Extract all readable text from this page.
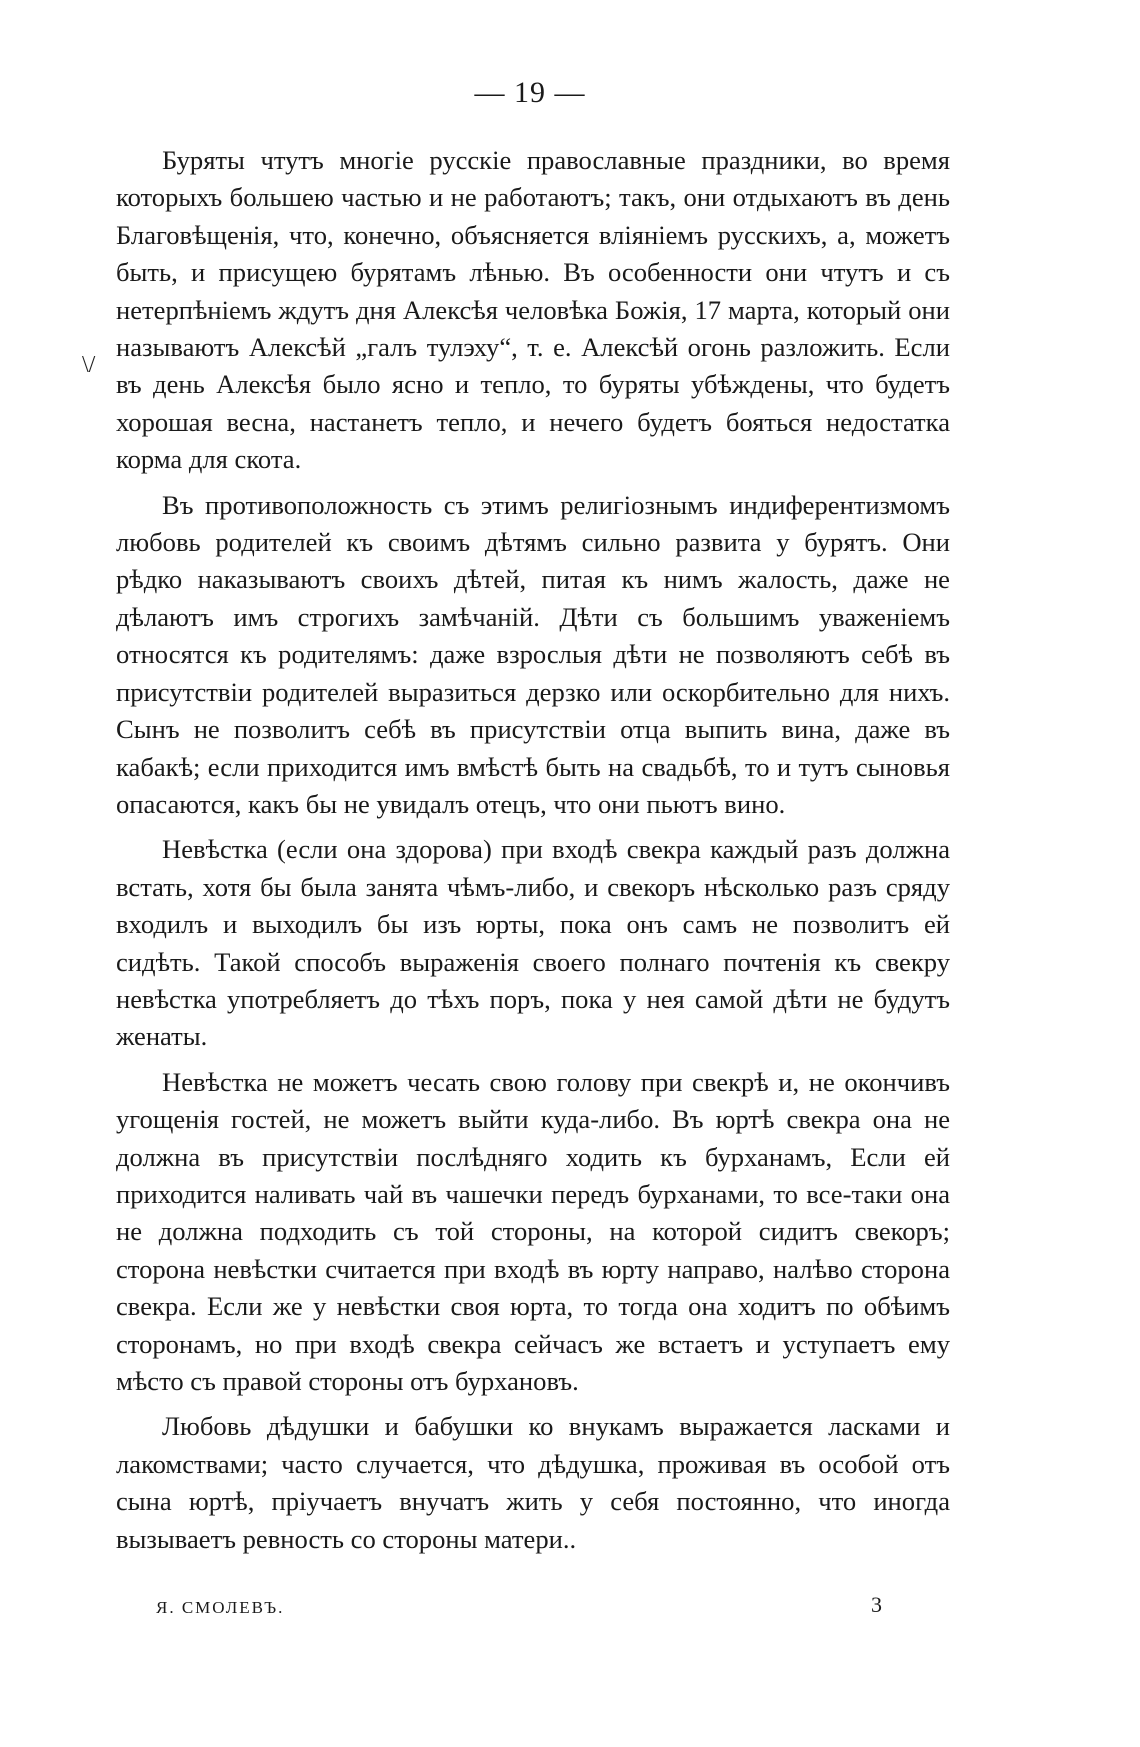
— 19 —
\/

Буряты чтутъ многіе русскіе православные праздники, во время которыхъ большею частью и не работаютъ; такъ, они отдыхаютъ въ день Благовѣщенія, что, конечно, объясняется вліяніемъ русскихъ, а, можетъ быть, и присущею бурятамъ лѣнью. Въ особенности они чтутъ и съ нетерпѣніемъ ждутъ дня Алексѣя человѣка Божія, 17 марта, который они называютъ Алексѣй „галъ тулэху“, т. е. Алексѣй огонь разложить. Если въ день Алексѣя было ясно и тепло, то буряты убѣждены, что будетъ хорошая весна, настанетъ тепло, и нечего будетъ бояться недостатка корма для скота.

Въ противоположность съ этимъ религіознымъ индиферентизмомъ любовь родителей къ своимъ дѣтямъ сильно развита у бурятъ. Они рѣдко наказываютъ своихъ дѣтей, питая къ нимъ жалость, даже не дѣлаютъ имъ строгихъ замѣчаній. Дѣти съ большимъ уваженіемъ относятся къ родителямъ: даже взрослыя дѣти не позволяютъ себѣ въ присутствіи родителей выразиться дерзко или оскорбительно для нихъ. Сынъ не позволитъ себѣ въ присутствіи отца выпить вина, даже въ кабакѣ; если приходится имъ вмѣстѣ быть на свадьбѣ, то и тутъ сыновья опасаются, какъ бы не увидалъ отецъ, что они пьютъ вино.

Невѣстка (если она здорова) при входѣ свекра каждый разъ должна встать, хотя бы была занята чѣмъ-либо, и свекоръ нѣсколько разъ сряду входилъ и выходилъ бы изъ юрты, пока онъ самъ не позволитъ ей сидѣть. Такой способъ выраженія своего полнаго почтенія къ свекру невѣстка употребляетъ до тѣхъ поръ, пока у нея самой дѣти не будутъ женаты.

Невѣстка не можетъ чесать свою голову при свекрѣ и, не окончивъ угощенія гостей, не можетъ выйти куда-либо. Въ юртѣ свекра она не должна въ присутствіи послѣдняго ходить къ бурханамъ, Если ей приходится наливать чай въ чашечки передъ бурханами, то все-таки она не должна подходить съ той стороны, на которой сидитъ свекоръ; сторона невѣстки считается при входѣ въ юрту направо, налѣво сторона свекра. Если же у невѣстки своя юрта, то тогда она ходитъ по обѣимъ сторонамъ, но при входѣ свекра сейчасъ же встаетъ и уступаетъ ему мѣсто съ правой стороны отъ бурхановъ.

Любовь дѣдушки и бабушки ко внукамъ выражается ласками и лакомствами; часто случается, что дѣдушка, проживая въ особой отъ сына юртѣ, пріучаетъ внучатъ жить у себя постоянно, что иногда вызываетъ ревность со стороны матери..

Я. СМОЛЕВЪ.	3
